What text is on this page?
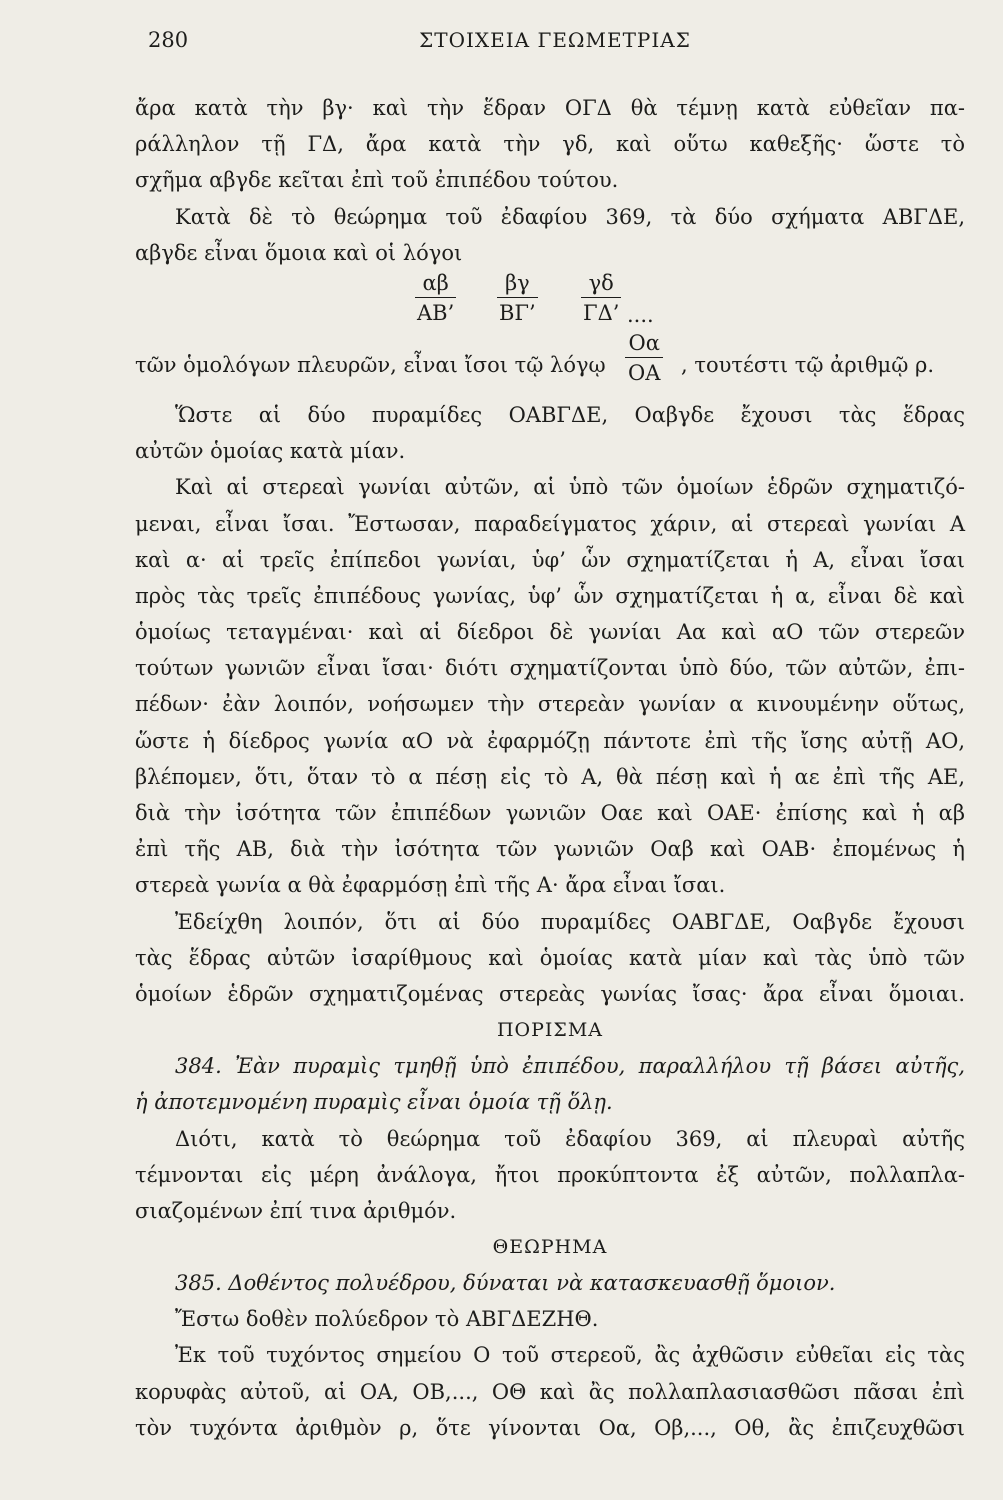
280	ΣΤΟΙΧΕΙΑ ΓΕΩΜΕΤΡΙΑΣ
ἄρα κατὰ τὴν βγ· καὶ τὴν ἕδραν ΟΓΔ θὰ τέμνῃ κατὰ εὐθεῖαν πα-
ράλληλον τῇ ΓΔ, ἄρα κατὰ τὴν γδ, καὶ οὕτω καθεξῆς· ὥστε τὸ
σχῆμα αβγδε κεῖται ἐπὶ τοῦ ἐπιπέδου τούτου.
Κατὰ δὲ τὸ θεώρημα τοῦ ἐδαφίου 369, τὰ δύο σχήματα ΑΒΓΔΕ,
αβγδε εἶναι ὅμοια καὶ οἱ λόγοι
$\frac{\alpha\beta}{AB’} \frac{\beta\gamma}{B\Gamma’} \frac{\gamma\delta}{\Gamma\Delta’}$ ....
τῶν ὁμολόγων πλευρῶν, εἶναι ἴσοι τῷ λόγῳ $\frac{O\alpha}{OA}$ , τουτέστι τῷ ἀριθμῷ ρ.
Ὥστε αἱ δύο πυραμίδες ΟΑΒΓΔΕ, Οαβγδε ἔχουσι τὰς ἕδρας
αὐτῶν ὁμοίας κατὰ μίαν.
Καὶ αἱ στερεαὶ γωνίαι αὐτῶν, αἱ ὑπὸ τῶν ὁμοίων ἑδρῶν σχηματιζό-
μεναι, εἶναι ἴσαι. Ἔστωσαν, παραδείγματος χάριν, αἱ στερεαὶ γωνίαι Α
καὶ α· αἱ τρεῖς ἐπίπεδοι γωνίαι, ὑφ’ ὧν σχηματίζεται ἡ Α, εἶναι ἴσαι
πρὸς τὰς τρεῖς ἐπιπέδους γωνίας, ὑφ’ ὧν σχηματίζεται ἡ α, εἶναι δὲ καὶ
ὁμοίως τεταγμέναι· καὶ αἱ δίεδροι δὲ γωνίαι Αα καὶ αΟ τῶν στερεῶν
τούτων γωνιῶν εἶναι ἴσαι· διότι σχηματίζονται ὑπὸ δύο, τῶν αὐτῶν, ἐπι-
πέδων· ἐὰν λοιπόν, νοήσωμεν τὴν στερεὰν γωνίαν α κινουμένην οὕτως,
ὥστε ἡ δίεδρος γωνία αΟ νὰ ἐφαρμόζῃ πάντοτε ἐπὶ τῆς ἴσης αὐτῇ ΑΟ,
βλέπομεν, ὅτι, ὅταν τὸ α πέσῃ εἰς τὸ Α, θὰ πέσῃ καὶ ἡ αε ἐπὶ τῆς ΑΕ,
διὰ τὴν ἰσότητα τῶν ἐπιπέδων γωνιῶν Οαε καὶ ΟΑΕ· ἐπίσης καὶ ἡ αβ
ἐπὶ τῆς ΑΒ, διὰ τὴν ἰσότητα τῶν γωνιῶν Οαβ καὶ ΟΑΒ· ἐπομένως ἡ
στερεὰ γωνία α θὰ ἐφαρμόσῃ ἐπὶ τῆς Α· ἄρα εἶναι ἴσαι.
Ἐδείχθη λοιπόν, ὅτι αἱ δύο πυραμίδες ΟΑΒΓΔΕ, Οαβγδε ἔχουσι
τὰς ἕδρας αὐτῶν ἰσαρίθμους καὶ ὁμοίας κατὰ μίαν καὶ τὰς ὑπὸ τῶν
ὁμοίων ἑδρῶν σχηματιζομένας στερεὰς γωνίας ἴσας· ἄρα εἶναι ὅμοιαι.
ΠΟΡΙΣΜΑ
384. Ἐὰν πυραμὶς τμηθῇ ὑπὸ ἐπιπέδου, παραλλήλου τῇ βάσει αὐτῆς,
ἡ ἀποτεμνομένη πυραμὶς εἶναι ὁμοία τῇ ὅλῃ.
Διότι, κατὰ τὸ θεώρημα τοῦ ἐδαφίου 369, αἱ πλευραὶ αὐτῆς
τέμνονται εἰς μέρη ἀνάλογα, ἤτοι προκύπτοντα ἐξ αὐτῶν, πολλαπλα-
σιαζομένων ἐπί τινα ἀριθμόν.
ΘΕΩΡΗΜΑ
385. Δοθέντος πολυέδρου, δύναται νὰ κατασκευασθῇ ὅμοιον.
Ἔστω δοθὲν πολύεδρον τὸ ΑΒΓΔΕΖΗΘ.
Ἐκ τοῦ τυχόντος σημείου Ο τοῦ στερεοῦ, ἂς ἀχθῶσιν εὐθεῖαι εἰς τὰς
κορυφὰς αὐτοῦ, αἱ ΟΑ, ΟΒ,..., ΟΘ καὶ ἂς πολλαπλασιασθῶσι πᾶσαι ἐπὶ
τὸν τυχόντα ἀριθμὸν ρ, ὅτε γίνονται Οα, Οβ,..., Οθ, ἂς ἐπιζευχθῶσι
